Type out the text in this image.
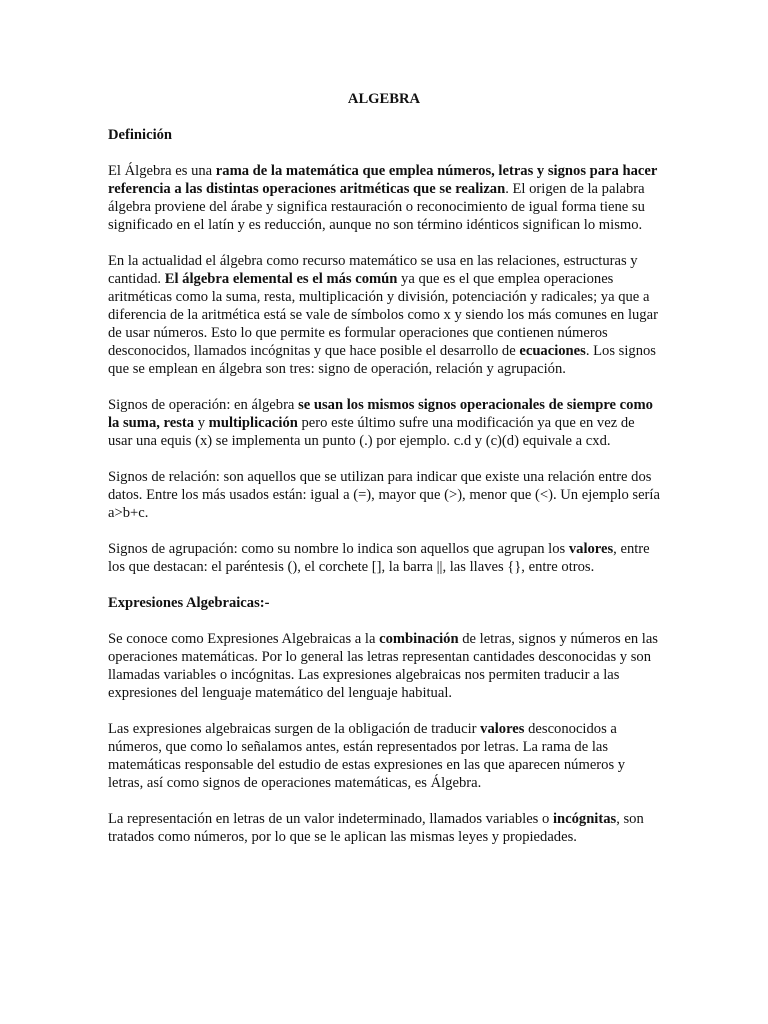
ALGEBRA
Definición
El Álgebra es una rama de la matemática que emplea números, letras y signos para hacer referencia a las distintas operaciones aritméticas que se realizan. El origen de la palabra álgebra proviene del árabe y significa restauración o reconocimiento de igual forma tiene su significado en el latín y es reducción, aunque no son término idénticos significan lo mismo.
En la actualidad el álgebra como recurso matemático se usa en las relaciones, estructuras y cantidad. El álgebra elemental es el más común ya que es el que emplea operaciones aritméticas como la suma, resta, multiplicación y división, potenciación y radicales; ya que a diferencia de la aritmética está se vale de símbolos como x y siendo los más comunes en lugar de usar números. Esto lo que permite es formular operaciones que contienen números desconocidos, llamados incógnitas y que hace posible el desarrollo de ecuaciones. Los signos que se emplean en álgebra son tres: signo de operación, relación y agrupación.
Signos de operación: en álgebra se usan los mismos signos operacionales de siempre como la suma, resta y multiplicación pero este último sufre una modificación ya que en vez de usar una equis (x) se implementa un punto (.) por ejemplo. c.d y (c)(d) equivale a cxd.
Signos de relación: son aquellos que se utilizan para indicar que existe una relación entre dos datos. Entre los más usados están: igual a (=), mayor que (>), menor que (<). Un ejemplo sería a>b+c.
Signos de agrupación: como su nombre lo indica son aquellos que agrupan los valores, entre los que destacan: el paréntesis (), el corchete [], la barra ||, las llaves {}, entre otros.
Expresiones Algebraicas:-
Se conoce como Expresiones Algebraicas a la combinación de letras, signos y números en las operaciones matemáticas. Por lo general las letras representan cantidades desconocidas y son llamadas variables o incógnitas. Las expresiones algebraicas nos permiten traducir a las expresiones del lenguaje matemático del lenguaje habitual.
Las expresiones algebraicas surgen de la obligación de traducir valores desconocidos a números, que como lo señalamos antes, están representados por letras. La rama de las matemáticas responsable del estudio de estas expresiones en las que aparecen números y letras, así como signos de operaciones matemáticas, es Álgebra.
La representación en letras de un valor indeterminado, llamados variables o incógnitas, son tratados como números, por lo que se le aplican las mismas leyes y propiedades.
